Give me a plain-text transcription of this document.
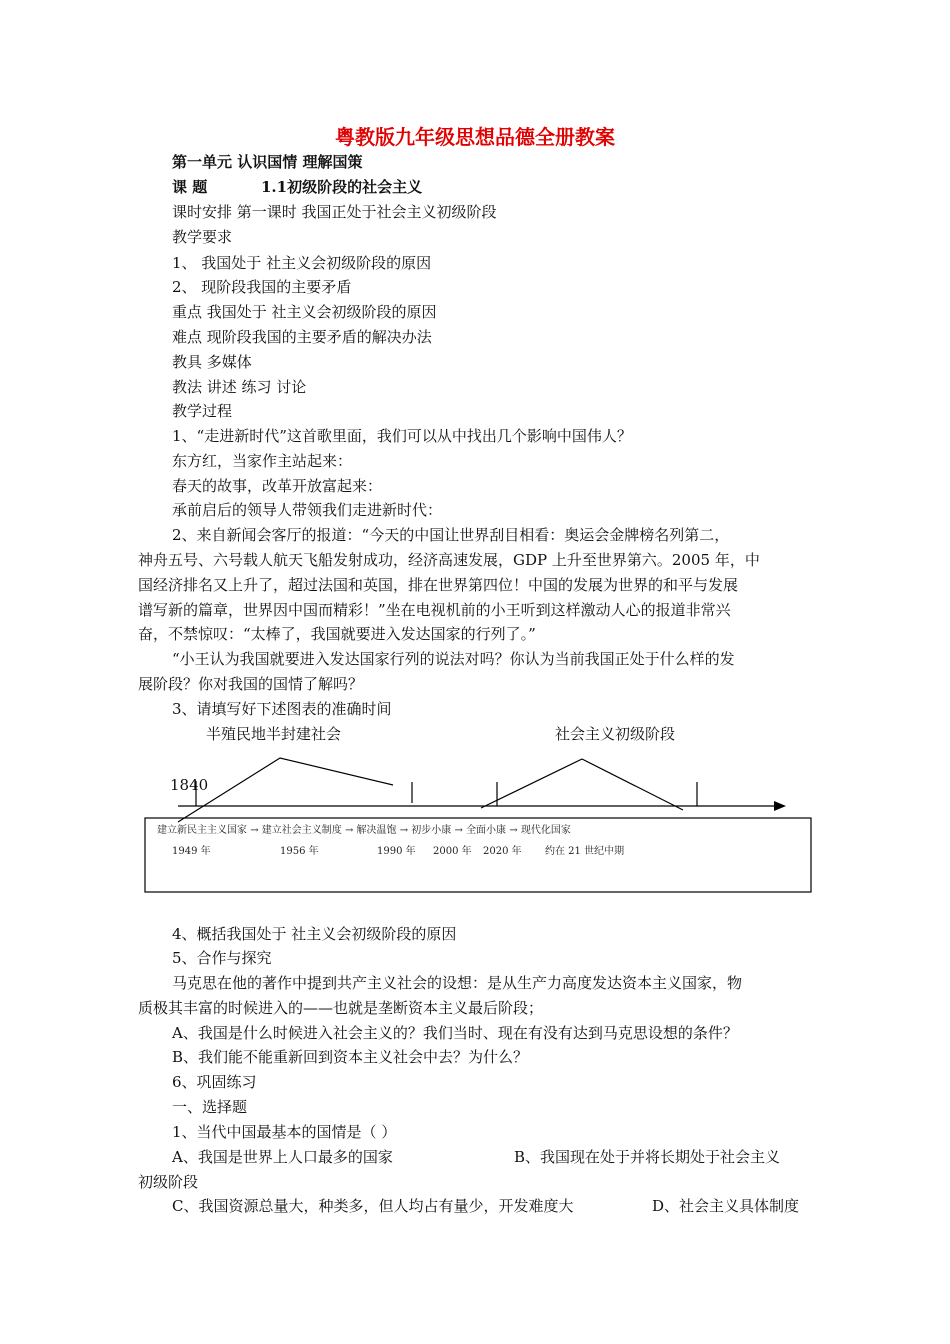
粤教版九年级思想品德全册教案
第一单元 认识国情 理解国策
课 题	1.1初级阶段的社会主义
课时安排 第一课时 我国正处于社会主义初级阶段
教学要求
1、 我国处于 社主义会初级阶段的原因
2、 现阶段我国的主要矛盾
重点 我国处于 社主义会初级阶段的原因
难点 现阶段我国的主要矛盾的解决办法
教具 多媒体
教法 讲述 练习 讨论
教学过程
1、“走进新时代”这首歌里面，我们可以从中找出几个影响中国伟人？
东方红，当家作主站起来：
春天的故事，改革开放富起来：
承前启后的领导人带领我们走进新时代：
2、来自新闻会客厅的报道：“今天的中国让世界刮目相看：奥运会金牌榜名列第二，
神舟五号、六号载人航天飞船发射成功，经济高速发展，GDP 上升至世界第六。2005 年，中
国经济排名又上升了，超过法国和英国，排在世界第四位！中国的发展为世界的和平与发展
谱写新的篇章，世界因中国而精彩！”坐在电视机前的小王听到这样激动人心的报道非常兴
奋，不禁惊叹：“太棒了，我国就要进入发达国家的行列了。”
“小王认为我国就要进入发达国家行列的说法对吗？你认为当前我国正处于什么样的发
展阶段？你对我国的国情了解吗？
3、请填写好下述图表的准确时间
半殖民地半封建社会	社会主义初级阶段
1840
建立新民主主义国家 → 建立社会主义制度 → 解决温饱 → 初步小康 → 全面小康 → 现代化国家
1949 年	1956 年	1990 年 2000 年 2020 年 约在 21 世纪中期
4、概括我国处于 社主义会初级阶段的原因
5、合作与探究
马克思在他的著作中提到共产主义社会的设想：是从生产力高度发达资本主义国家，物
质极其丰富的时候进入的——也就是垄断资本主义最后阶段；
A、我国是什么时候进入社会主义的？我们当时、现在有没有达到马克思设想的条件？
B、我们能不能重新回到资本主义社会中去？为什么？
6、巩固练习
一、选择题
1、当代中国最基本的国情是（ ）
A、我国是世界上人口最多的国家	B、我国现在处于并将长期处于社会主义
初级阶段
C、我国资源总量大，种类多，但人均占有量少，开发难度大	D、社会主义具体制度
